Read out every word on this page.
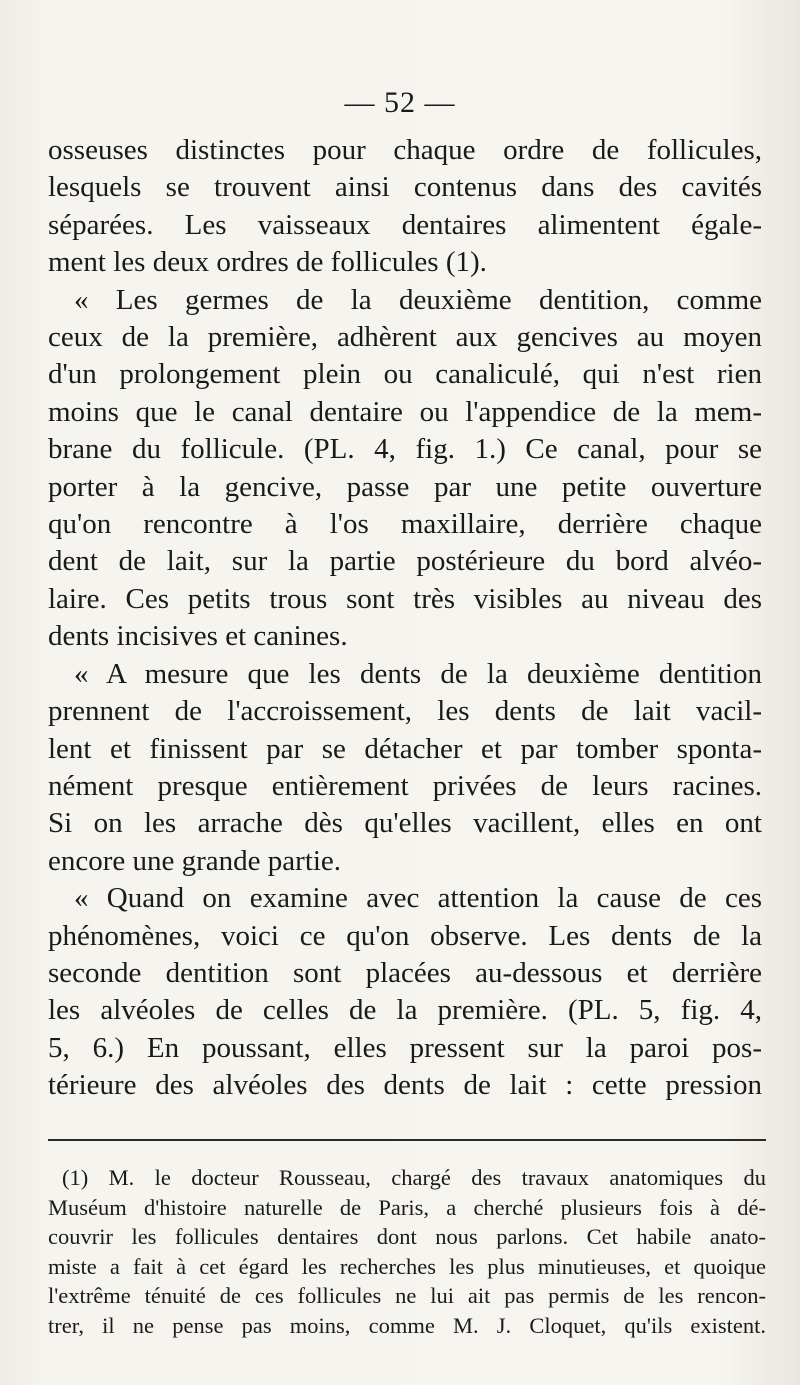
— 52 —
osseuses distinctes pour chaque ordre de follicules,
lesquels se trouvent ainsi contenus dans des cavités
séparées. Les vaisseaux dentaires alimentent égale-
ment les deux ordres de follicules (1).
« Les germes de la deuxième dentition, comme
ceux de la première, adhèrent aux gencives au moyen
d'un prolongement plein ou canaliculé, qui n'est rien
moins que le canal dentaire ou l'appendice de la mem-
brane du follicule. (PL. 4, fig. 1.) Ce canal, pour se
porter à la gencive, passe par une petite ouverture
qu'on rencontre à l'os maxillaire, derrière chaque
dent de lait, sur la partie postérieure du bord alvéo-
laire. Ces petits trous sont très visibles au niveau des
dents incisives et canines.
« A mesure que les dents de la deuxième dentition
prennent de l'accroissement, les dents de lait vacil-
lent et finissent par se détacher et par tomber sponta-
nément presque entièrement privées de leurs racines.
Si on les arrache dès qu'elles vacillent, elles en ont
encore une grande partie.
« Quand on examine avec attention la cause de ces
phénomènes, voici ce qu'on observe. Les dents de la
seconde dentition sont placées au-dessous et derrière
les alvéoles de celles de la première. (PL. 5, fig. 4,
5, 6.) En poussant, elles pressent sur la paroi pos-
térieure des alvéoles des dents de lait : cette pression
(1) M. le docteur Rousseau, chargé des travaux anatomiques du
Muséum d'histoire naturelle de Paris, a cherché plusieurs fois à dé-
couvrir les follicules dentaires dont nous parlons. Cet habile anato-
miste a fait à cet égard les recherches les plus minutieuses, et quoique
l'extrême ténuité de ces follicules ne lui ait pas permis de les rencon-
trer, il ne pense pas moins, comme M. J. Cloquet, qu'ils existent.
